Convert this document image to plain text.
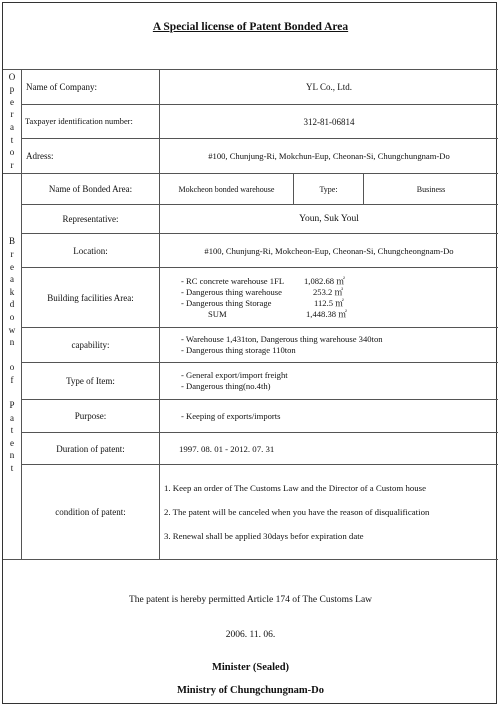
A Special license of Patent Bonded Area
O
p
e
r
a
t
o
r
Name of Company:	YL Co., Ltd.
Taxpayer identification number:	312-81-06814
Adress:	#100, Chunjung-Ri, Mokchun-Eup, Cheonan-Si, Chungchungnam-Do
B
r
e
a
k
d
o
w
n

o
f

P
a
t
e
n
t
Name of Bonded Area:	Mokcheon bonded warehouse	Type:	Business
Representative:	Youn, Suk Youl
Location:	#100, Chunjung-Ri, Mokcheon-Eup, Cheonan-Si, Chungcheongnam-Do
Building facilities Area:
- RC concrete warehouse 1FL	1,082.68 ㎡
- Dangerous thing warehouse	253.2 ㎡
- Dangerous thing Storage	112.5 ㎡
SUM	1,448.38 ㎡
capability:
- Warehouse 1,431ton, Dangerous thing warehouse 340ton
- Dangerous thing storage 110ton
Type of Item:
- General export/import freight
- Dangerous thing(no.4th)
Purpose:	- Keeping of exports/imports
Duration of patent:	1997. 08. 01 - 2012. 07. 31
condition of patent:
1. Keep an order of The Customs Law and the Director of a Custom house
2. The patent will be canceled when you have the reason of disqualification
3. Renewal shall be applied 30days befor expiration date
The patent is hereby permitted Article 174 of The Customs Law
2006. 11. 06.
Minister (Sealed)
Ministry of Chungchungnam-Do
